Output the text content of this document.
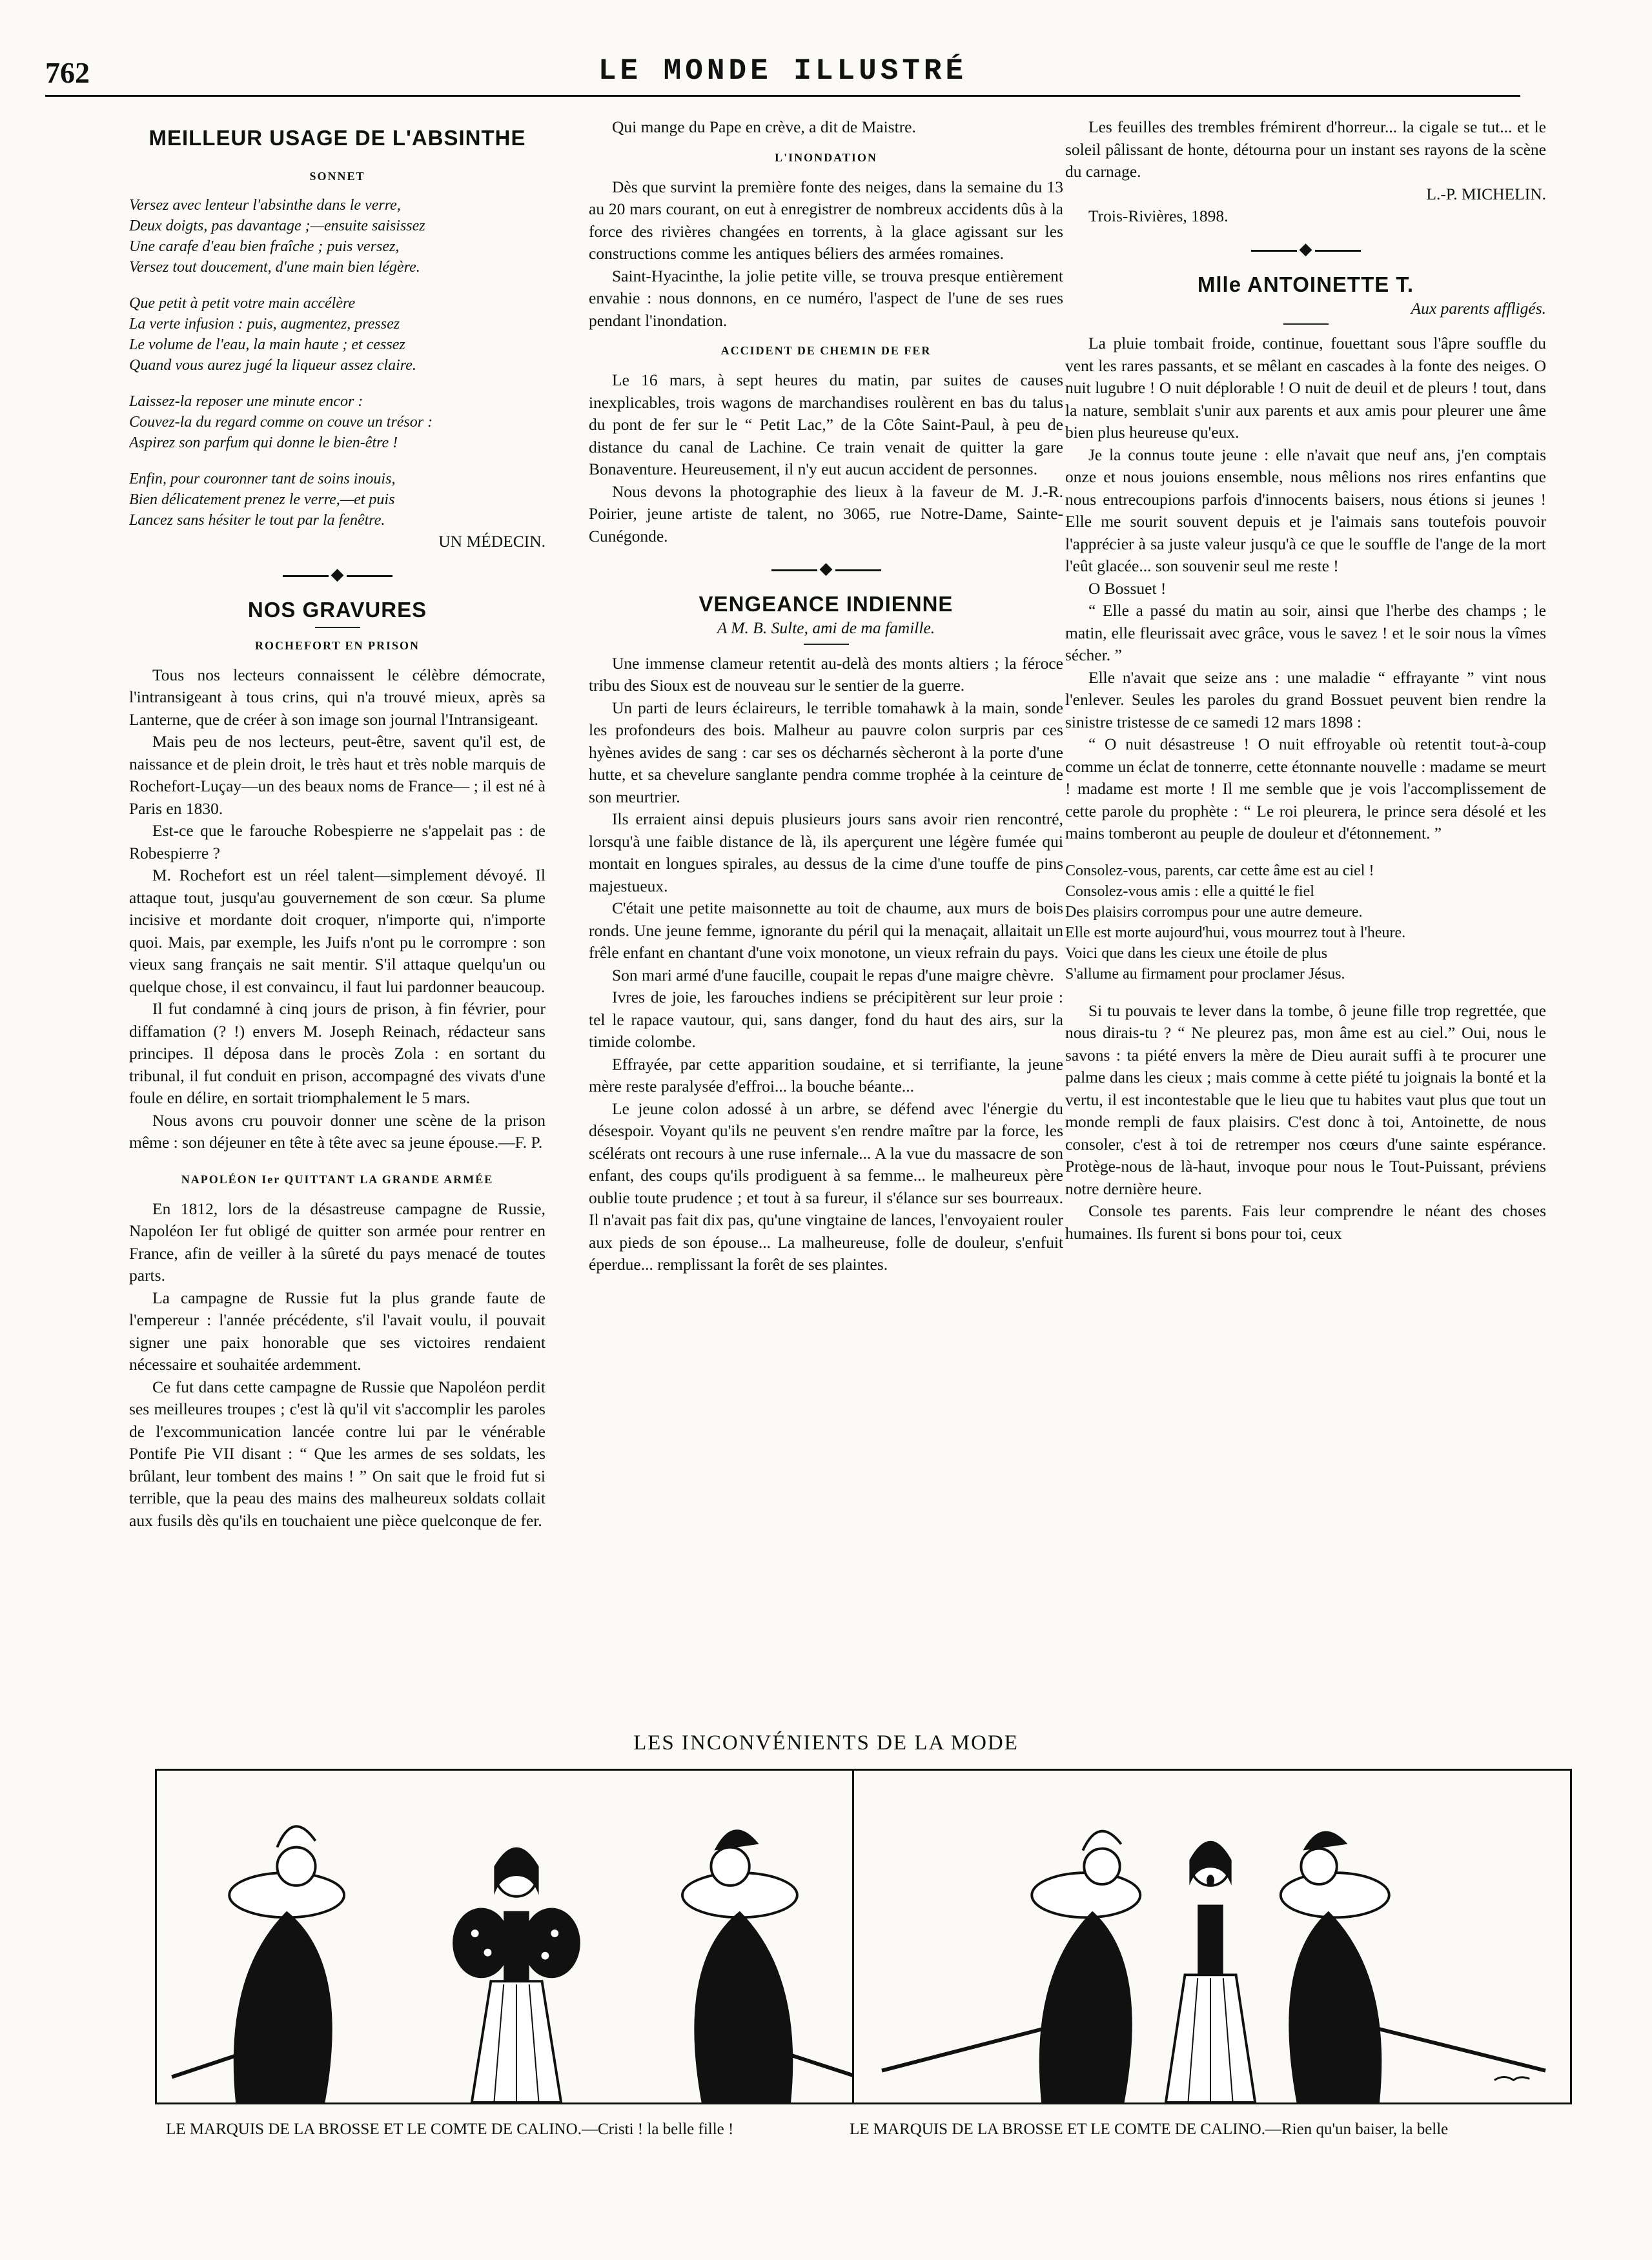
762	LE MONDE ILLUSTRÉ
MEILLEUR USAGE DE L'ABSINTHE
SONNET
Versez avec lenteur l'absinthe dans le verre,
Deux doigts, pas davantage ;—ensuite saisissez
Une carafe d'eau bien fraîche ; puis versez,
Versez tout doucement, d'une main bien légère.
Que petit à petit votre main accélère
La verte infusion : puis, augmentez, pressez
Le volume de l'eau, la main haute ; et cessez
Quand vous aurez jugé la liqueur assez claire.
Laissez-la reposer une minute encor :
Couvez-la du regard comme on couve un trésor :
Aspirez son parfum qui donne le bien-être !
Enfin, pour couronner tant de soins inouis,
Bien délicatement prenez le verre,—et puis
Lancez sans hésiter le tout par la fenêtre.

UN MÉDECIN.

◆
NOS GRAVURES
ROCHEFORT EN PRISON

Tous nos lecteurs connaissent le célèbre démocrate, l'intransigeant à tous crins, qui n'a trouvé mieux, après sa Lanterne, que de créer à son image son journal l'Intransigeant.

Mais peu de nos lecteurs, peut-être, savent qu'il est, de naissance et de plein droit, le très haut et très noble marquis de Rochefort-Luçay—un des beaux noms de France— ; il est né à Paris en 1830.

Est-ce que le farouche Robespierre ne s'appelait pas : de Robespierre ?

M. Rochefort est un réel talent—simplement dévoyé. Il attaque tout, jusqu'au gouvernement de son cœur. Sa plume incisive et mordante doit croquer, n'importe qui, n'importe quoi. Mais, par exemple, les Juifs n'ont pu le corrompre : son vieux sang français ne sait mentir. S'il attaque quelqu'un ou quelque chose, il est convaincu, il faut lui pardonner beaucoup.

Il fut condamné à cinq jours de prison, à fin février, pour diffamation (? !) envers M. Joseph Reinach, rédacteur sans principes. Il déposa dans le procès Zola : en sortant du tribunal, il fut conduit en prison, accompagné des vivats d'une foule en délire, en sortait triomphalement le 5 mars.

Nous avons cru pouvoir donner une scène de la prison même : son déjeuner en tête à tête avec sa jeune épouse.—F. P.

NAPOLÉON Ier QUITTANT LA GRANDE ARMÉE

En 1812, lors de la désastreuse campagne de Russie, Napoléon Ier fut obligé de quitter son armée pour rentrer en France, afin de veiller à la sûreté du pays menacé de toutes parts.

La campagne de Russie fut la plus grande faute de l'empereur : l'année précédente, s'il l'avait voulu, il pouvait signer une paix honorable que ses victoires rendaient nécessaire et souhaitée ardemment.

Ce fut dans cette campagne de Russie que Napoléon perdit ses meilleures troupes ; c'est là qu'il vit s'accomplir les paroles de l'excommunication lancée contre lui par le vénérable Pontife Pie VII disant : “ Que les armes de ses soldats, les brûlant, leur tombent des mains ! ” On sait que le froid fut si terrible, que la peau des mains des malheureux soldats collait aux fusils dès qu'ils en touchaient une pièce quelconque de fer.

Qui mange du Pape en crève, a dit de Maistre.

L'INONDATION

Dès que survint la première fonte des neiges, dans la semaine du 13 au 20 mars courant, on eut à enregistrer de nombreux accidents dûs à la force des rivières changées en torrents, à la glace agissant sur les constructions comme les antiques béliers des armées romaines.

Saint-Hyacinthe, la jolie petite ville, se trouva presque entièrement envahie : nous donnons, en ce numéro, l'aspect de l'une de ses rues pendant l'inondation.

ACCIDENT DE CHEMIN DE FER

Le 16 mars, à sept heures du matin, par suites de causes inexplicables, trois wagons de marchandises roulèrent en bas du talus du pont de fer sur le “ Petit Lac,” de la Côte Saint-Paul, à peu de distance du canal de Lachine. Ce train venait de quitter la gare Bonaventure. Heureusement, il n'y eut aucun accident de personnes.

Nous devons la photographie des lieux à la faveur de M. J.-R. Poirier, jeune artiste de talent, no 3065, rue Notre-Dame, Sainte-Cunégonde.

◆
VENGEANCE INDIENNE

A M. B. Sulte, ami de ma famille.

Une immense clameur retentit au-delà des monts altiers ; la féroce tribu des Sioux est de nouveau sur le sentier de la guerre.

Un parti de leurs éclaireurs, le terrible tomahawk à la main, sonde les profondeurs des bois. Malheur au pauvre colon surpris par ces hyènes avides de sang : car ses os décharnés sècheront à la porte d'une hutte, et sa chevelure sanglante pendra comme trophée à la ceinture de son meurtrier.

Ils erraient ainsi depuis plusieurs jours sans avoir rien rencontré, lorsqu'à une faible distance de là, ils aperçurent une légère fumée qui montait en longues spirales, au dessus de la cime d'une touffe de pins majestueux.

C'était une petite maisonnette au toit de chaume, aux murs de bois ronds. Une jeune femme, ignorante du péril qui la menaçait, allaitait un frêle enfant en chantant d'une voix monotone, un vieux refrain du pays.

Son mari armé d'une faucille, coupait le repas d'une maigre chèvre.

Ivres de joie, les farouches indiens se précipitèrent sur leur proie : tel le rapace vautour, qui, sans danger, fond du haut des airs, sur la timide colombe.

Effrayée, par cette apparition soudaine, et si terrifiante, la jeune mère reste paralysée d'effroi... la bouche béante...

Le jeune colon adossé à un arbre, se défend avec l'énergie du désespoir. Voyant qu'ils ne peuvent s'en rendre maître par la force, les scélérats ont recours à une ruse infernale... A la vue du massacre de son enfant, des coups qu'ils prodiguent à sa femme... le malheureux père oublie toute prudence ; et tout à sa fureur, il s'élance sur ses bourreaux. Il n'avait pas fait dix pas, qu'une vingtaine de lances, l'envoyaient rouler aux pieds de son épouse... La malheureuse, folle de douleur, s'enfuit éperdue... remplissant la forêt de ses plaintes.

Les feuilles des trembles frémirent d'horreur... la cigale se tut... et le soleil pâlissant de honte, détourna pour un instant ses rayons de la scène du carnage.

L.-P. MICHELIN.

Trois-Rivières, 1898.

◆
Mlle ANTOINETTE T.

Aux parents affligés.

La pluie tombait froide, continue, fouettant sous l'âpre souffle du vent les rares passants, et se mêlant en cascades à la fonte des neiges. O nuit lugubre ! O nuit déplorable ! O nuit de deuil et de pleurs ! tout, dans la nature, semblait s'unir aux parents et aux amis pour pleurer une âme bien plus heureuse qu'eux.

Je la connus toute jeune : elle n'avait que neuf ans, j'en comptais onze et nous jouions ensemble, nous mêlions nos rires enfantins que nous entrecoupions parfois d'innocents baisers, nous étions si jeunes ! Elle me sourit souvent depuis et je l'aimais sans toutefois pouvoir l'apprécier à sa juste valeur jusqu'à ce que le souffle de l'ange de la mort l'eût glacée... son souvenir seul me reste !

O Bossuet !

“ Elle a passé du matin au soir, ainsi que l'herbe des champs ; le matin, elle fleurissait avec grâce, vous le savez ! et le soir nous la vîmes sécher. ”

Elle n'avait que seize ans : une maladie “ effrayante ” vint nous l'enlever. Seules les paroles du grand Bossuet peuvent bien rendre la sinistre tristesse de ce samedi 12 mars 1898 :

“ O nuit désastreuse ! O nuit effroyable où retentit tout-à-coup comme un éclat de tonnerre, cette étonnante nouvelle : madame se meurt ! madame est morte ! Il me semble que je vois l'accomplissement de cette parole du prophète : “ Le roi pleurera, le prince sera désolé et les mains tomberont au peuple de douleur et d'étonnement. ”

Consolez-vous, parents, car cette âme est au ciel !
Consolez-vous amis : elle a quitté le fiel
Des plaisirs corrompus pour une autre demeure.
Elle est morte aujourd'hui, vous mourrez tout à l'heure.
Voici que dans les cieux une étoile de plus
S'allume au firmament pour proclamer Jésus.

Si tu pouvais te lever dans la tombe, ô jeune fille trop regrettée, que nous dirais-tu ? “ Ne pleurez pas, mon âme est au ciel.” Oui, nous le savons : ta piété envers la mère de Dieu aurait suffi à te procurer une palme dans les cieux ; mais comme à cette piété tu joignais la bonté et la vertu, il est incontestable que le lieu que tu habites vaut plus que tout un monde rempli de faux plaisirs. C'est donc à toi, Antoinette, de nous consoler, c'est à toi de retremper nos cœurs d'une sainte espérance. Protège-nous de là-haut, invoque pour nous le Tout-Puissant, préviens notre dernière heure.

Console tes parents. Fais leur comprendre le néant des choses humaines. Ils furent si bons pour toi, ceux

LES INCONVÉNIENTS DE LA MODE
LE MARQUIS DE LA BROSSE ET LE COMTE DE CALINO.—Cristi ! la belle fille !	LE MARQUIS DE LA BROSSE ET LE COMTE DE CALINO.—Rien qu'un baiser, la belle
